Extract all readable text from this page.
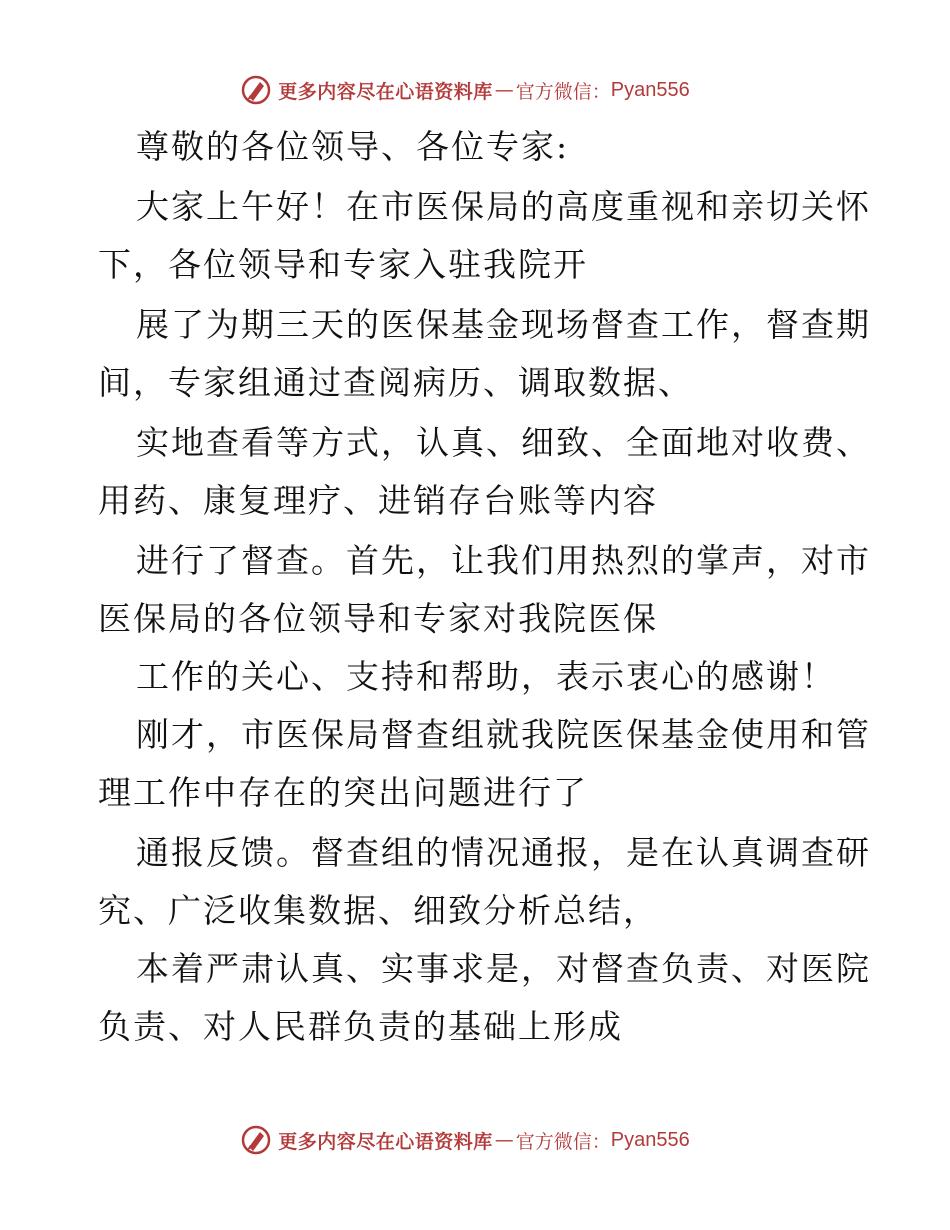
更多内容尽在心语资料库 — 官方微信： Pyan556
尊敬的各位领导、各位专家:
大家上午好！在市医保局的高度重视和亲切关怀
下，各位领导和专家入驻我院开
展了为期三天的医保基金现场督查工作，督查期
间，专家组通过查阅病历、调取数据、
实地查看等方式，认真、细致、全面地对收费、
用药、康复理疗、进销存台账等内容
进行了督查。首先，让我们用热烈的掌声，对市
医保局的各位领导和专家对我院医保
工作的关心、支持和帮助，表示衷心的感谢！
刚才，市医保局督查组就我院医保基金使用和管
理工作中存在的突出问题进行了
通报反馈。督查组的情况通报，是在认真调查研
究、广泛收集数据、细致分析总结，
本着严肃认真、实事求是，对督查负责、对医院
负责、对人民群负责的基础上形成
更多内容尽在心语资料库 — 官方微信： Pyan556
